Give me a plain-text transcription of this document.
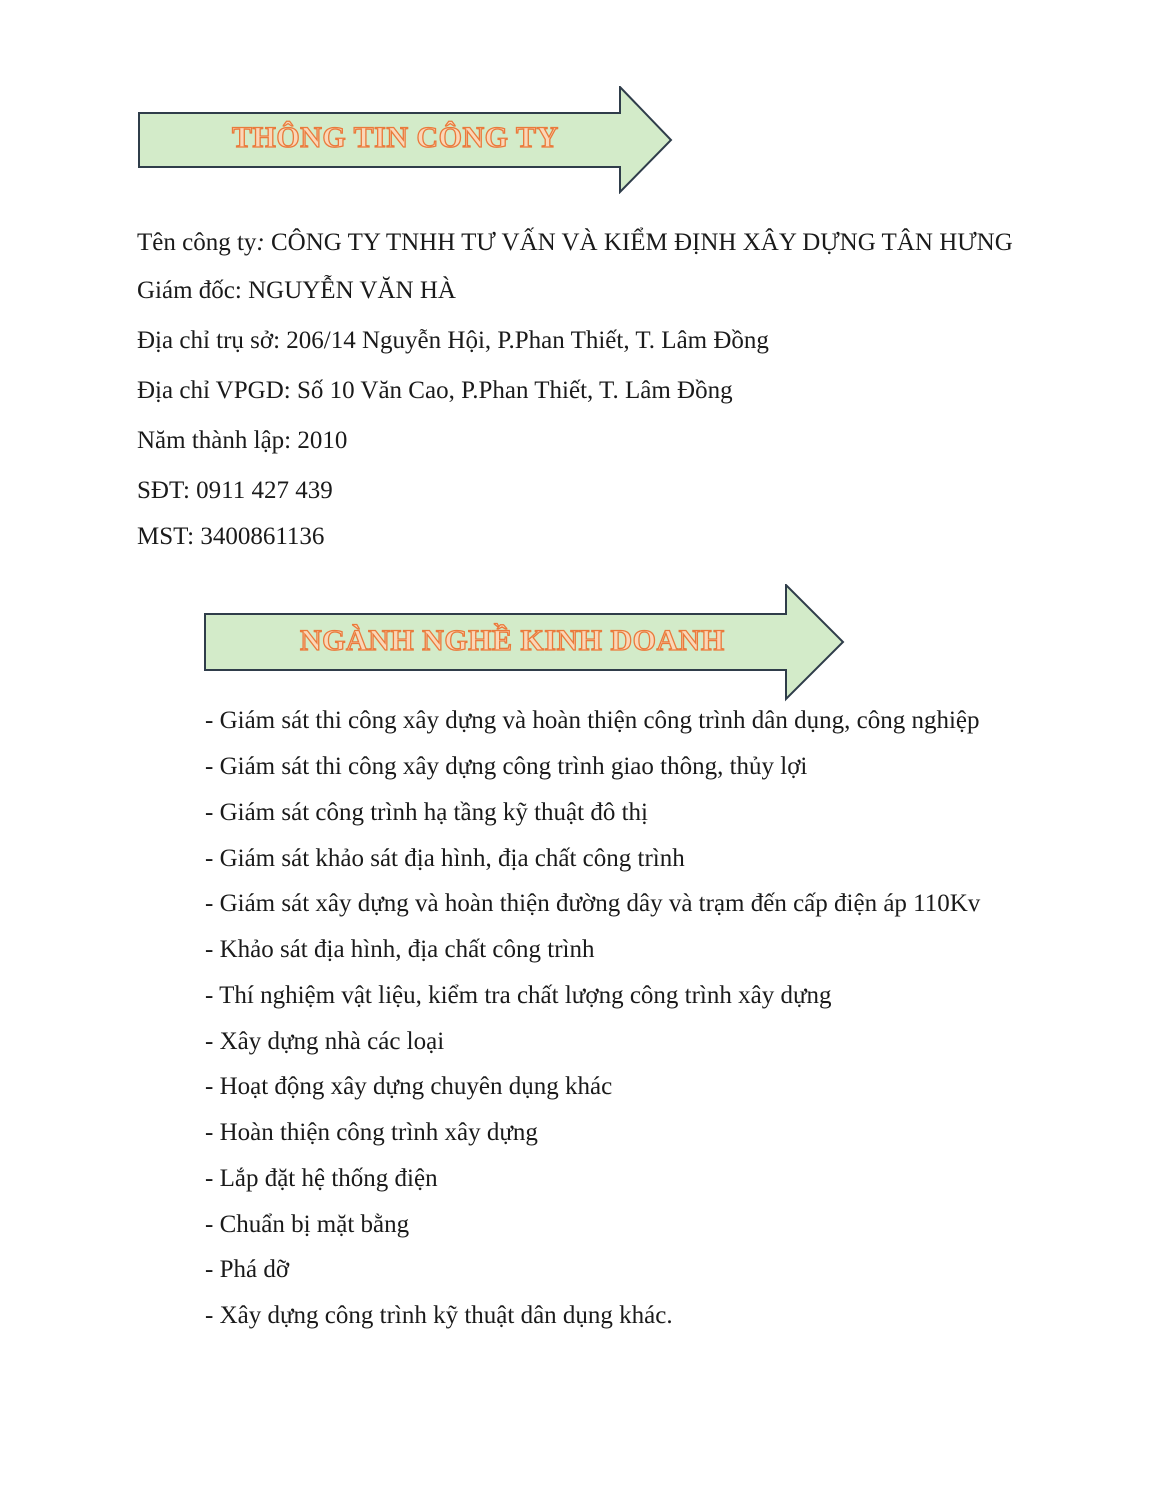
THÔNG TIN CÔNG TY
Tên công ty: CÔNG TY TNHH TƯ VẤN VÀ KIỂM ĐỊNH XÂY DỰNG TÂN HƯNG
Giám đốc: NGUYỄN VĂN HÀ
Địa chỉ trụ sở: 206/14 Nguyễn Hội, P.Phan Thiết, T. Lâm Đồng
Địa chỉ VPGD: Số 10 Văn Cao, P.Phan Thiết, T. Lâm Đồng
Năm thành lập: 2010
SĐT: 0911 427 439
MST: 3400861136
NGÀNH NGHỀ KINH DOANH
- Giám sát thi công xây dựng và hoàn thiện công trình dân dụng, công nghiệp
- Giám sát thi công xây dựng công trình giao thông, thủy lợi
- Giám sát công trình hạ tầng kỹ thuật đô thị
- Giám sát khảo sát địa hình, địa chất công trình
- Giám sát xây dựng và hoàn thiện đường dây và trạm đến cấp điện áp 110Kv
- Khảo sát địa hình, địa chất công trình
- Thí nghiệm vật liệu, kiểm tra chất lượng công trình xây dựng
- Xây dựng nhà các loại
- Hoạt động xây dựng chuyên dụng khác
- Hoàn thiện công trình xây dựng
- Lắp đặt hệ thống điện
- Chuẩn bị mặt bằng
- Phá dỡ
- Xây dựng công trình kỹ thuật dân dụng khác.
